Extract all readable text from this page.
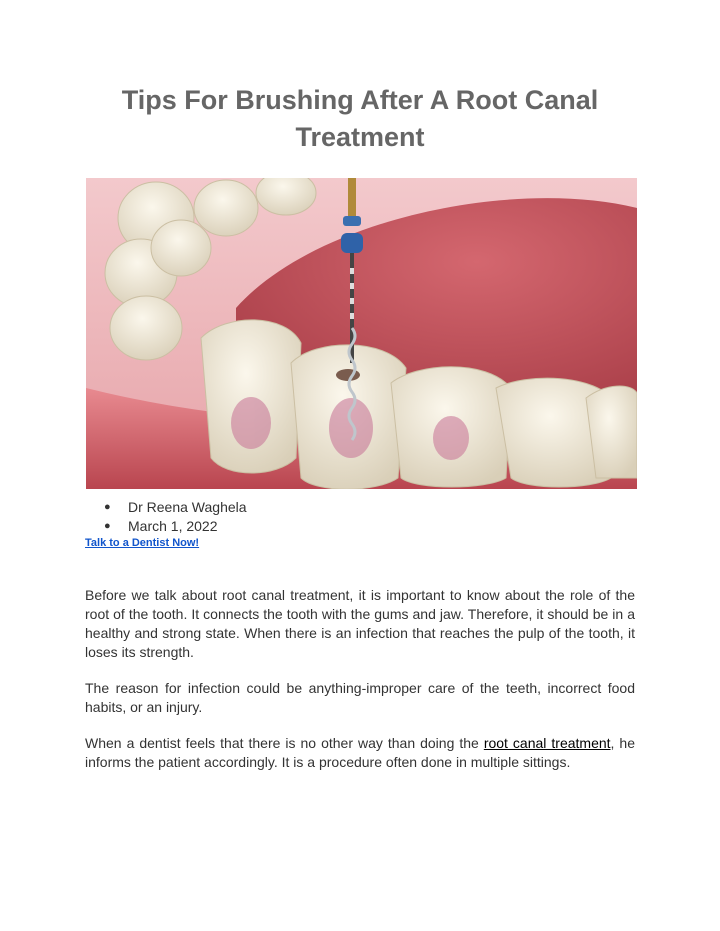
Tips For Brushing After A Root Canal Treatment
● Dr Reena Waghela
● March 1, 2022
Talk to a Dentist Now!

Before we talk about root canal treatment, it is important to know about the role of the root of the tooth. It connects the tooth with the gums and jaw. Therefore, it should be in a healthy and strong state. When there is an infection that reaches the pulp of the tooth, it loses its strength.

The reason for infection could be anything-improper care of the teeth, incorrect food habits, or an injury.

When a dentist feels that there is no other way than doing the root canal treatment, he informs the patient accordingly. It is a procedure often done in multiple sittings.
